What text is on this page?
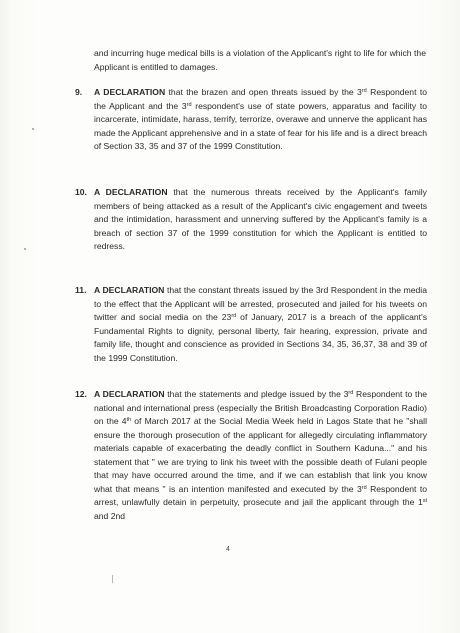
and incurring huge medical bills is a violation of the Applicant's right to life for which the Applicant is entitled to damages.
9.	A DECLARATION that the brazen and open threats issued by the 3rd Respondent to the Applicant and the 3rd respondent's use of state powers, apparatus and facility to incarcerate, intimidate, harass, terrify, terrorize, overawe and unnerve the applicant has made the Applicant apprehensive and in a state of fear for his life and is a direct breach of Section 33, 35 and 37 of the 1999 Constitution.
10. A DECLARATION that the numerous threats received by the Applicant's family members of being attacked as a result of the Applicant's civic engagement and tweets and the intimidation, harassment and unnerving suffered by the Applicant's family is a breach of section 37 of the 1999 constitution for which the Applicant is entitled to redress.
11. A DECLARATION that the constant threats issued by the 3rd Respondent in the media to the effect that the Applicant will be arrested, prosecuted and jailed for his tweets on twitter and social media on the 23rd of January, 2017 is a breach of the applicant's Fundamental Rights to dignity, personal liberty, fair hearing, expression, private and family life, thought and conscience as provided in Sections 34, 35, 36,37, 38 and 39 of the 1999 Constitution.
12. A DECLARATION that the statements and pledge issued by the 3rd Respondent to the national and international press (especially the British Broadcasting Corporation Radio) on the 4th of March 2017 at the Social Media Week held in Lagos State that he "shall ensure the thorough prosecution of the applicant for allegedly circulating inflammatory materials capable of exacerbating the deadly conflict in Southern Kaduna..." and his statement that " we are trying to link his tweet with the possible death of Fulani people that may have occurred around the time, and if we can establish that link you know what that means " is an intention manifested and executed by the 3rd Respondent to arrest, unlawfully detain in perpetuity, prosecute and jail the applicant through the 1st and 2nd
4
